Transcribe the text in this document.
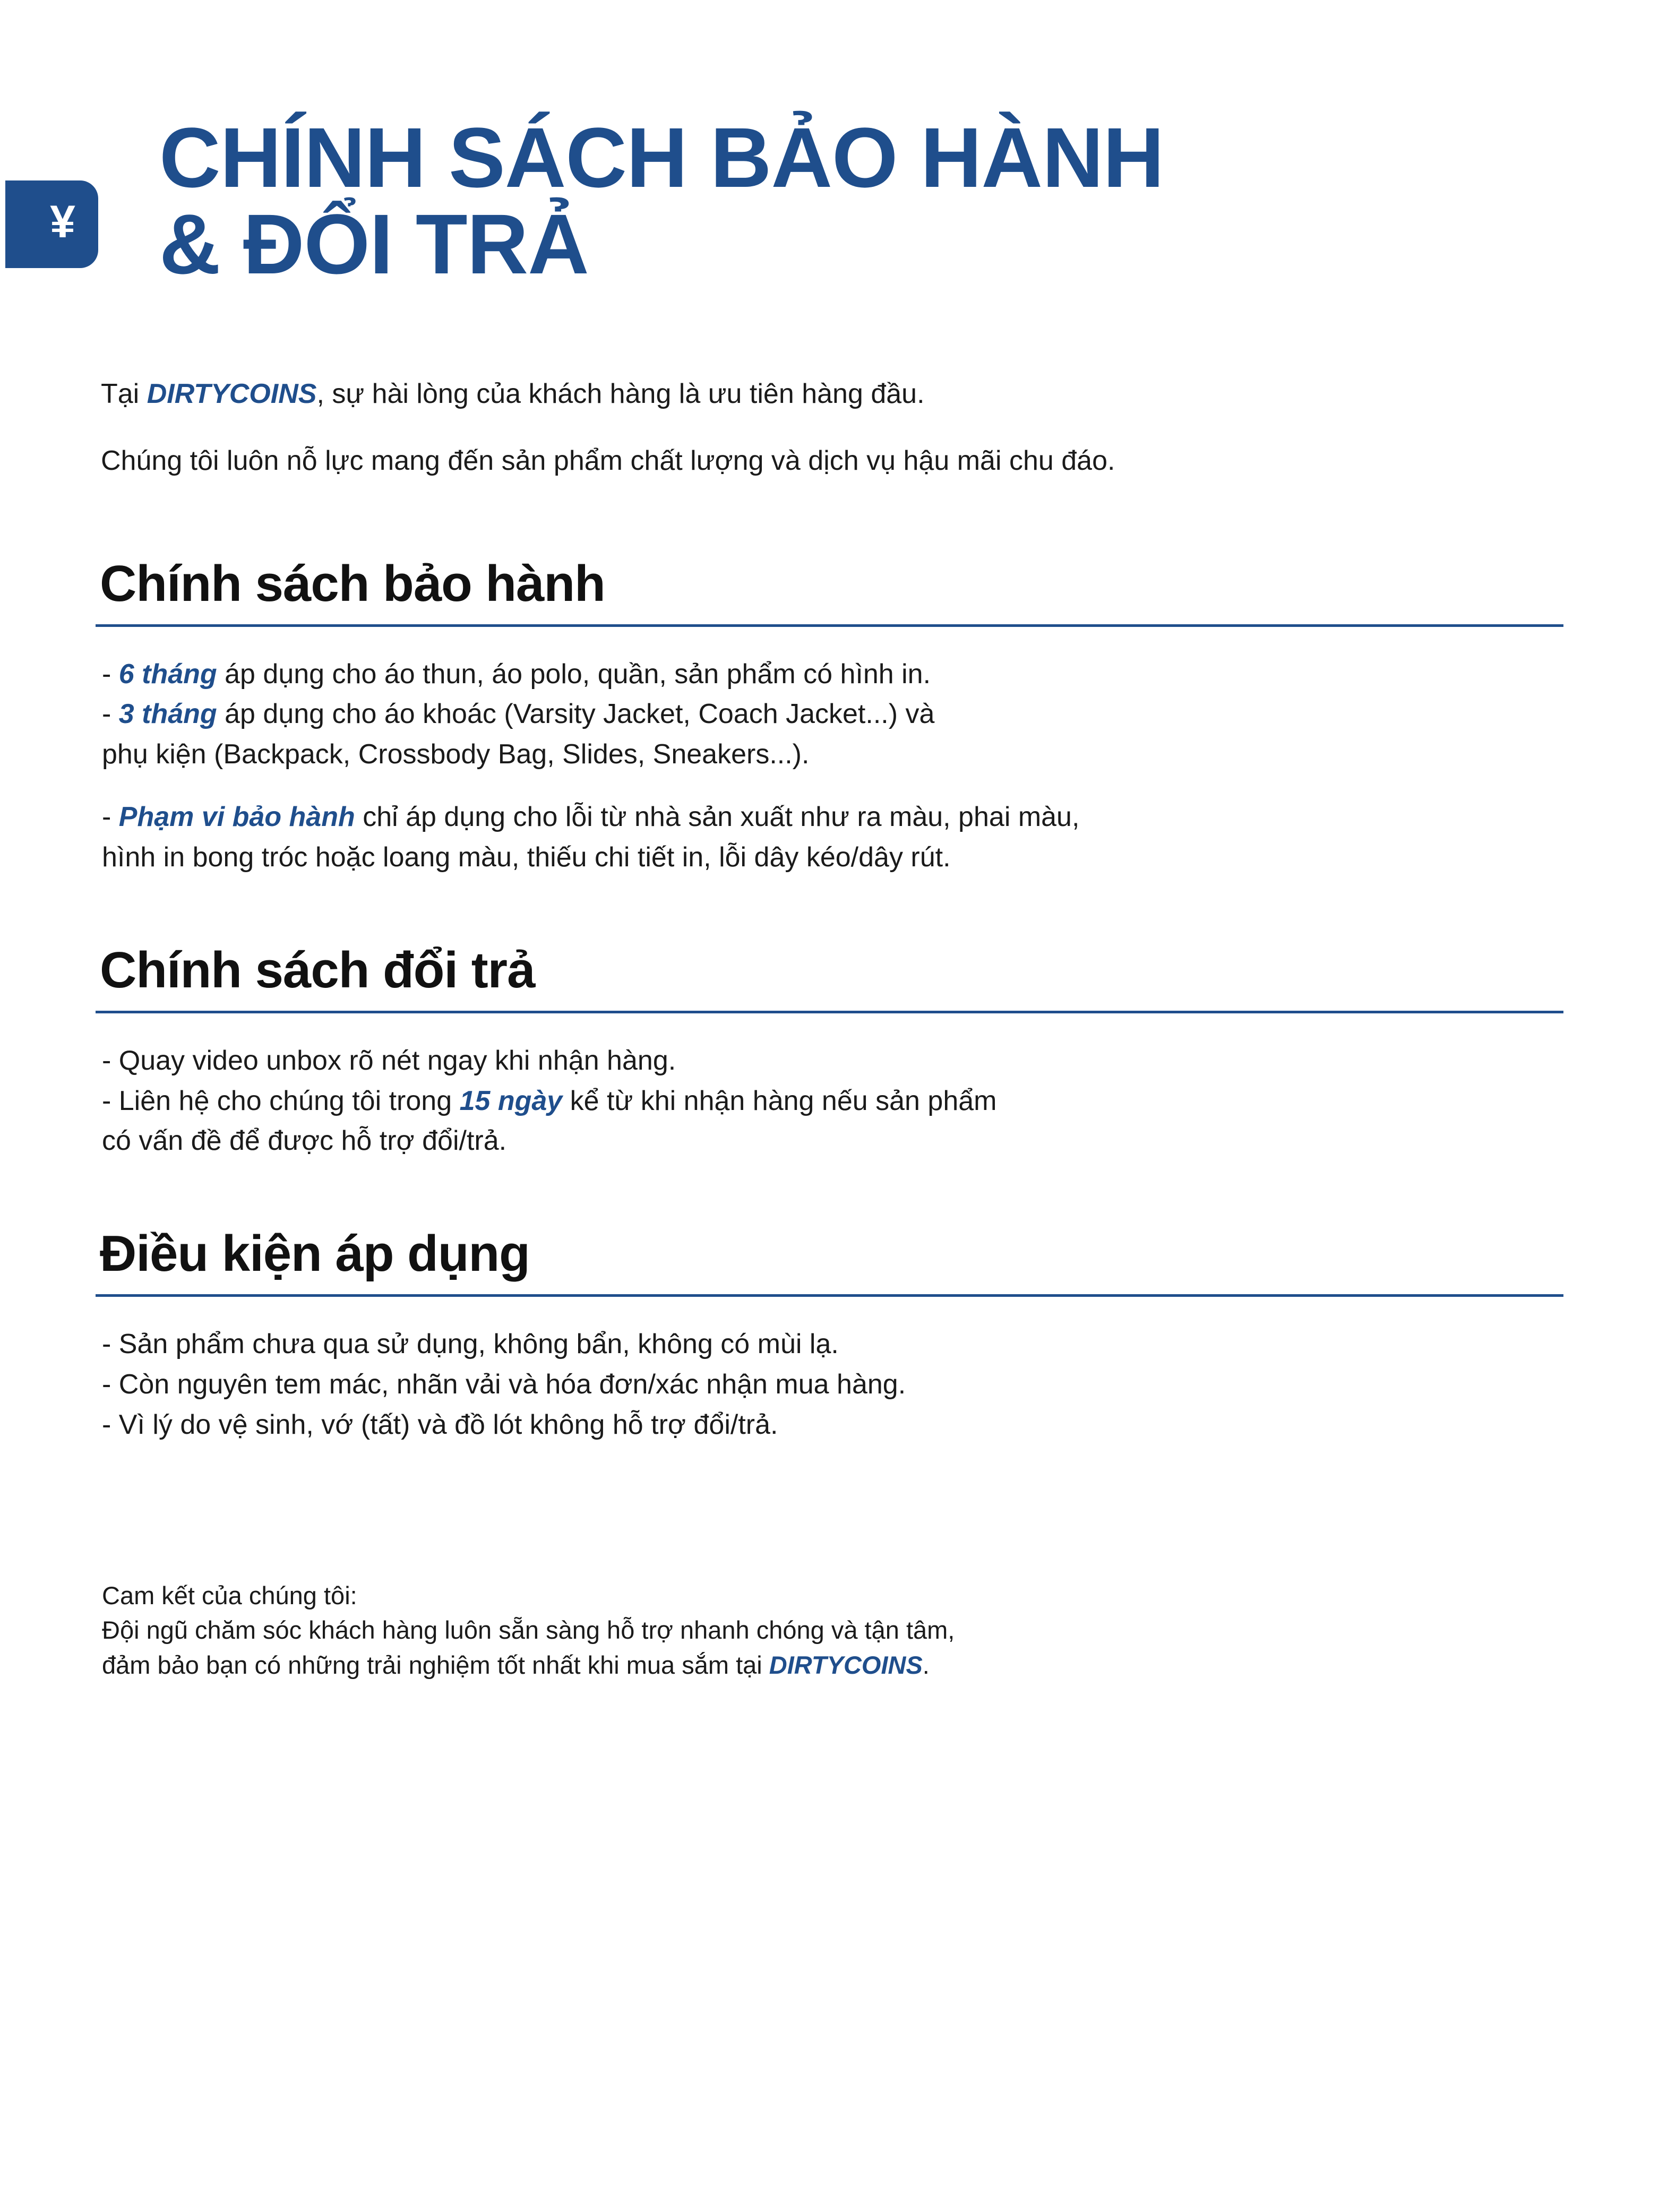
¥
CHÍNH SÁCH BẢO HÀNH
& ĐỔI TRẢ

Tại DIRTYCOINS, sự hài lòng của khách hàng là ưu tiên hàng đầu.

Chúng tôi luôn nỗ lực mang đến sản phẩm chất lượng và dịch vụ hậu mãi chu đáo.

Chính sách bảo hành

- 6 tháng áp dụng cho áo thun, áo polo, quần, sản phẩm có hình in.

- 3 tháng áp dụng cho áo khoác (Varsity Jacket, Coach Jacket...) và

phụ kiện (Backpack, Crossbody Bag, Slides, Sneakers...).

- Phạm vi bảo hành chỉ áp dụng cho lỗi từ nhà sản xuất như ra màu, phai màu,

hình in bong tróc hoặc loang màu, thiếu chi tiết in, lỗi dây kéo/dây rút.

Chính sách đổi trả

- Quay video unbox rõ nét ngay khi nhận hàng.

- Liên hệ cho chúng tôi trong 15 ngày kể từ khi nhận hàng nếu sản phẩm

có vấn đề để được hỗ trợ đổi/trả.

Điều kiện áp dụng

- Sản phẩm chưa qua sử dụng, không bẩn, không có mùi lạ.

- Còn nguyên tem mác, nhãn vải và hóa đơn/xác nhận mua hàng.

- Vì lý do vệ sinh, vớ (tất) và đồ lót không hỗ trợ đổi/trả.

Cam kết của chúng tôi:

Đội ngũ chăm sóc khách hàng luôn sẵn sàng hỗ trợ nhanh chóng và tận tâm,

đảm bảo bạn có những trải nghiệm tốt nhất khi mua sắm tại DIRTYCOINS.
